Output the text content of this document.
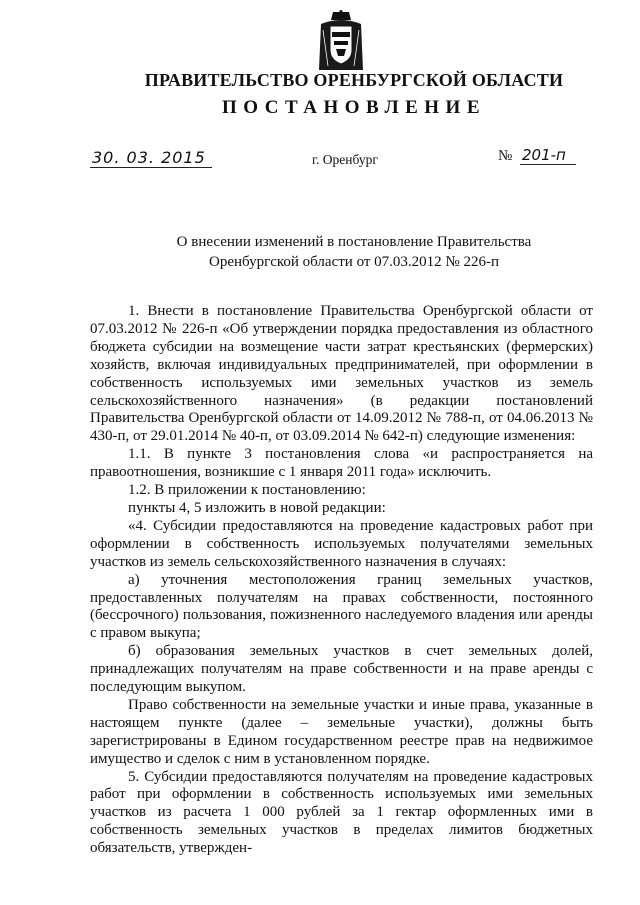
ПРАВИТЕЛЬСТВО ОРЕНБУРГСКОЙ ОБЛАСТИ
ПОСТАНОВЛЕНИЕ
30. 03. 2015	г. Оренбург	№ 201-п
О внесении изменений в постановление Правительства
Оренбургской области от 07.03.2012 № 226-п

1. Внести в постановление Правительства Оренбургской области от 07.03.2012 № 226-п «Об утверждении порядка предоставления из областного бюджета субсидии на возмещение части затрат крестьянских (фермерских) хозяйств, включая индивидуальных предпринимателей, при оформлении в собственность используемых ими земельных участков из земель сельскохозяйственного назначения» (в редакции постановлений Правительства Оренбургской области от 14.09.2012 № 788-п, от 04.06.2013 № 430-п, от 29.01.2014 № 40-п, от 03.09.2014 № 642-п) следующие изменения:

1.1. В пункте 3 постановления слова «и распространяется на правоотношения, возникшие с 1 января 2011 года» исключить.

1.2. В приложении к постановлению:

пункты 4, 5 изложить в новой редакции:

«4. Субсидии предоставляются на проведение кадастровых работ при оформлении в собственность используемых получателями земельных участков из земель сельскохозяйственного назначения в случаях:

а) уточнения местоположения границ земельных участков, предоставленных получателям на правах собственности, постоянного (бессрочного) пользования, пожизненного наследуемого владения или аренды с правом выкупа;

б) образования земельных участков в счет земельных долей, принадлежащих получателям на праве собственности и на праве аренды с последующим выкупом.

Право собственности на земельные участки и иные права, указанные в настоящем пункте (далее – земельные участки), должны быть зарегистрированы в Едином государственном реестре прав на недвижимое имущество и сделок с ним в установленном порядке.

5. Субсидии предоставляются получателям на проведение кадастровых работ при оформлении в собственность используемых ими земельных участков из расчета 1 000 рублей за 1 гектар оформленных ими в собственность земельных участков в пределах лимитов бюджетных обязательств, утвержден-
